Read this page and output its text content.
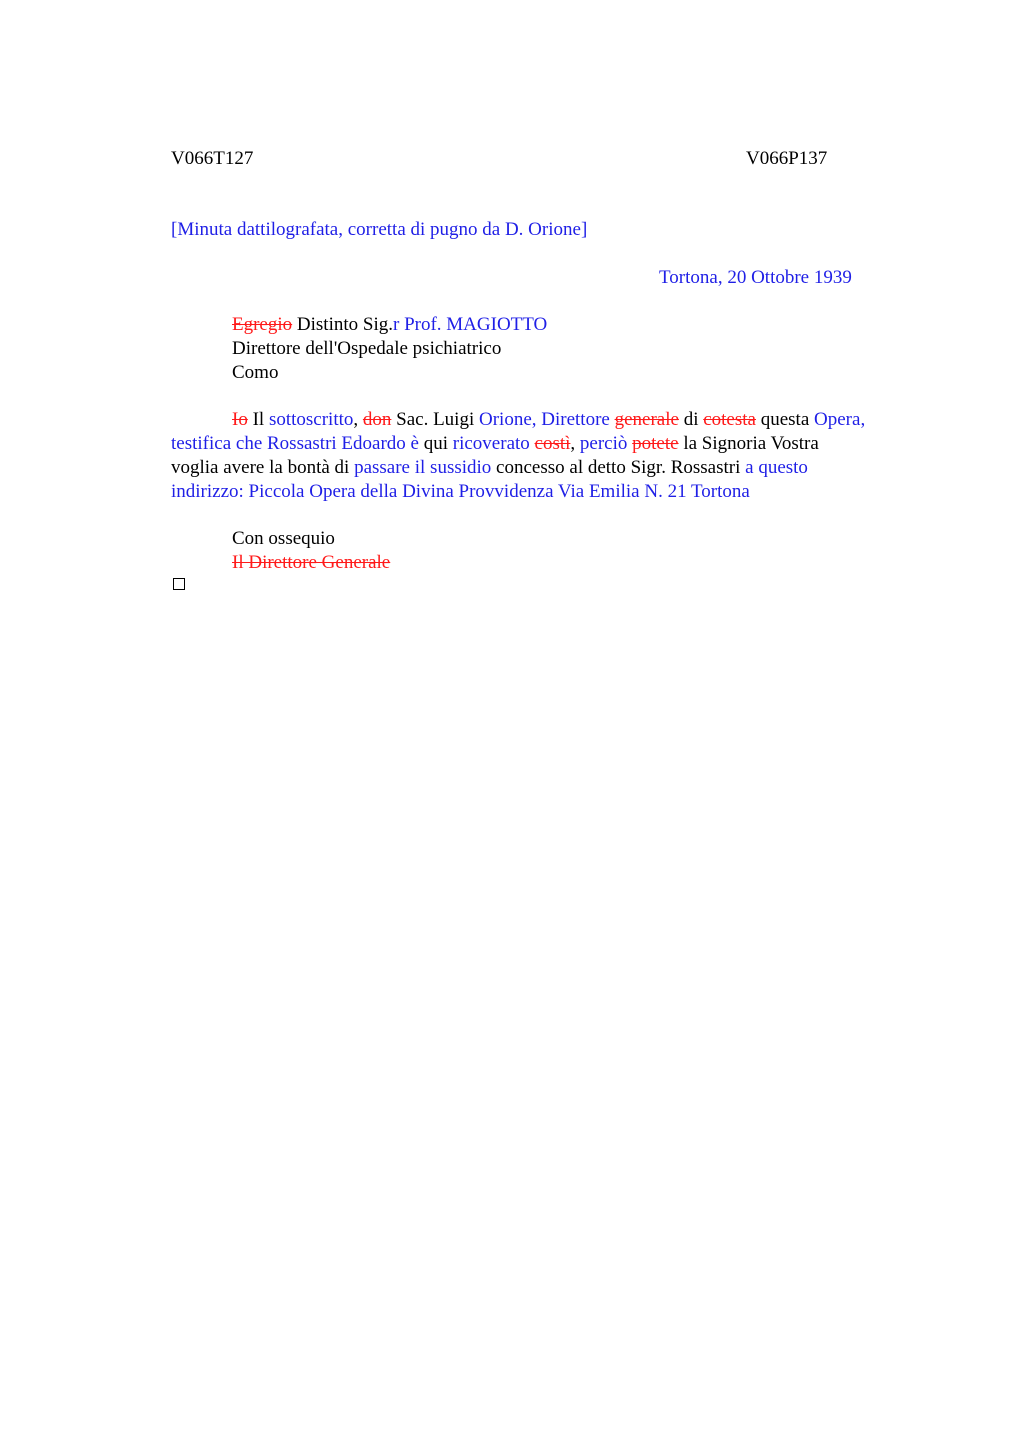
V066T127	V066P137
[Minuta dattilografata, corretta di pugno da D. Orione]
Tortona, 20 Ottobre 1939
Egregio Distinto Sig.r Prof. MAGIOTTO
Direttore dell'Ospedale psichiatrico
Como
Io Il sottoscritto, don Sac. Luigi Orione, Direttore generale di cotesta questa Opera,
testifica che Rossastri Edoardo è qui ricoverato costì, perciò potete la Signoria Vostra
voglia avere la bontà di passare il sussidio concesso al detto Sigr. Rossastri a questo
indirizzo: Piccola Opera della Divina Provvidenza Via Emilia N. 21 Tortona
Con ossequio
Il Direttore Generale
